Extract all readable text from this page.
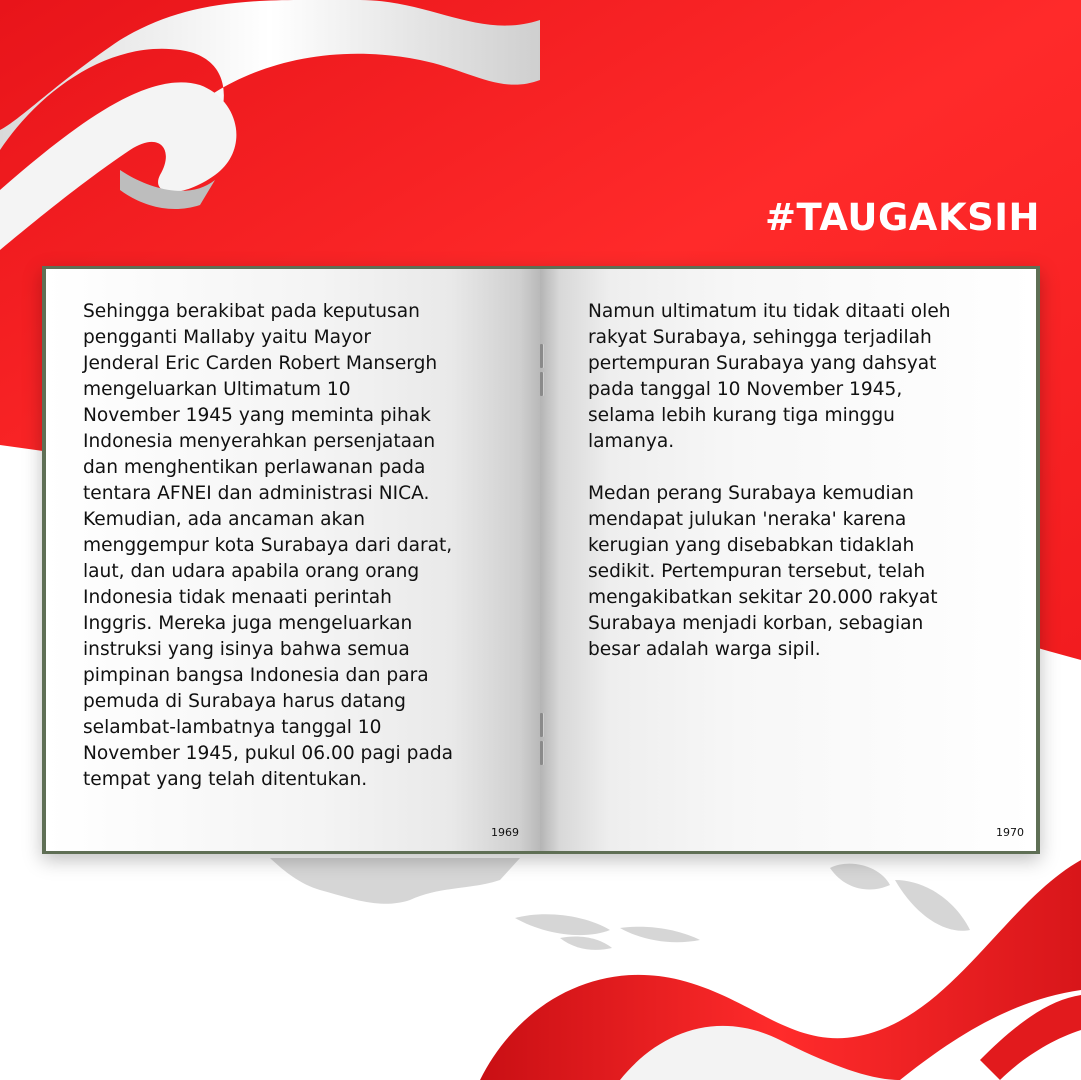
#TAUGAKSIH

Sehingga berakibat pada keputusan
pengganti Mallaby yaitu Mayor
Jenderal Eric Carden Robert Mansergh
mengeluarkan Ultimatum 10
November 1945 yang meminta pihak
Indonesia menyerahkan persenjataan
dan menghentikan perlawanan pada
tentara AFNEI dan administrasi NICA.
Kemudian, ada ancaman akan
menggempur kota Surabaya dari darat,
laut, dan udara apabila orang orang
Indonesia tidak menaati perintah
Inggris. Mereka juga mengeluarkan
instruksi yang isinya bahwa semua
pimpinan bangsa Indonesia dan para
pemuda di Surabaya harus datang
selambat-lambatnya tanggal 10
November 1945, pukul 06.00 pagi pada
tempat yang telah ditentukan.

1969

Namun ultimatum itu tidak ditaati oleh
rakyat Surabaya, sehingga terjadilah
pertempuran Surabaya yang dahsyat
pada tanggal 10 November 1945,
selama lebih kurang tiga minggu
lamanya.

Medan perang Surabaya kemudian
mendapat julukan 'neraka' karena
kerugian yang disebabkan tidaklah
sedikit. Pertempuran tersebut, telah
mengakibatkan sekitar 20.000 rakyat
Surabaya menjadi korban, sebagian
besar adalah warga sipil.

1970
